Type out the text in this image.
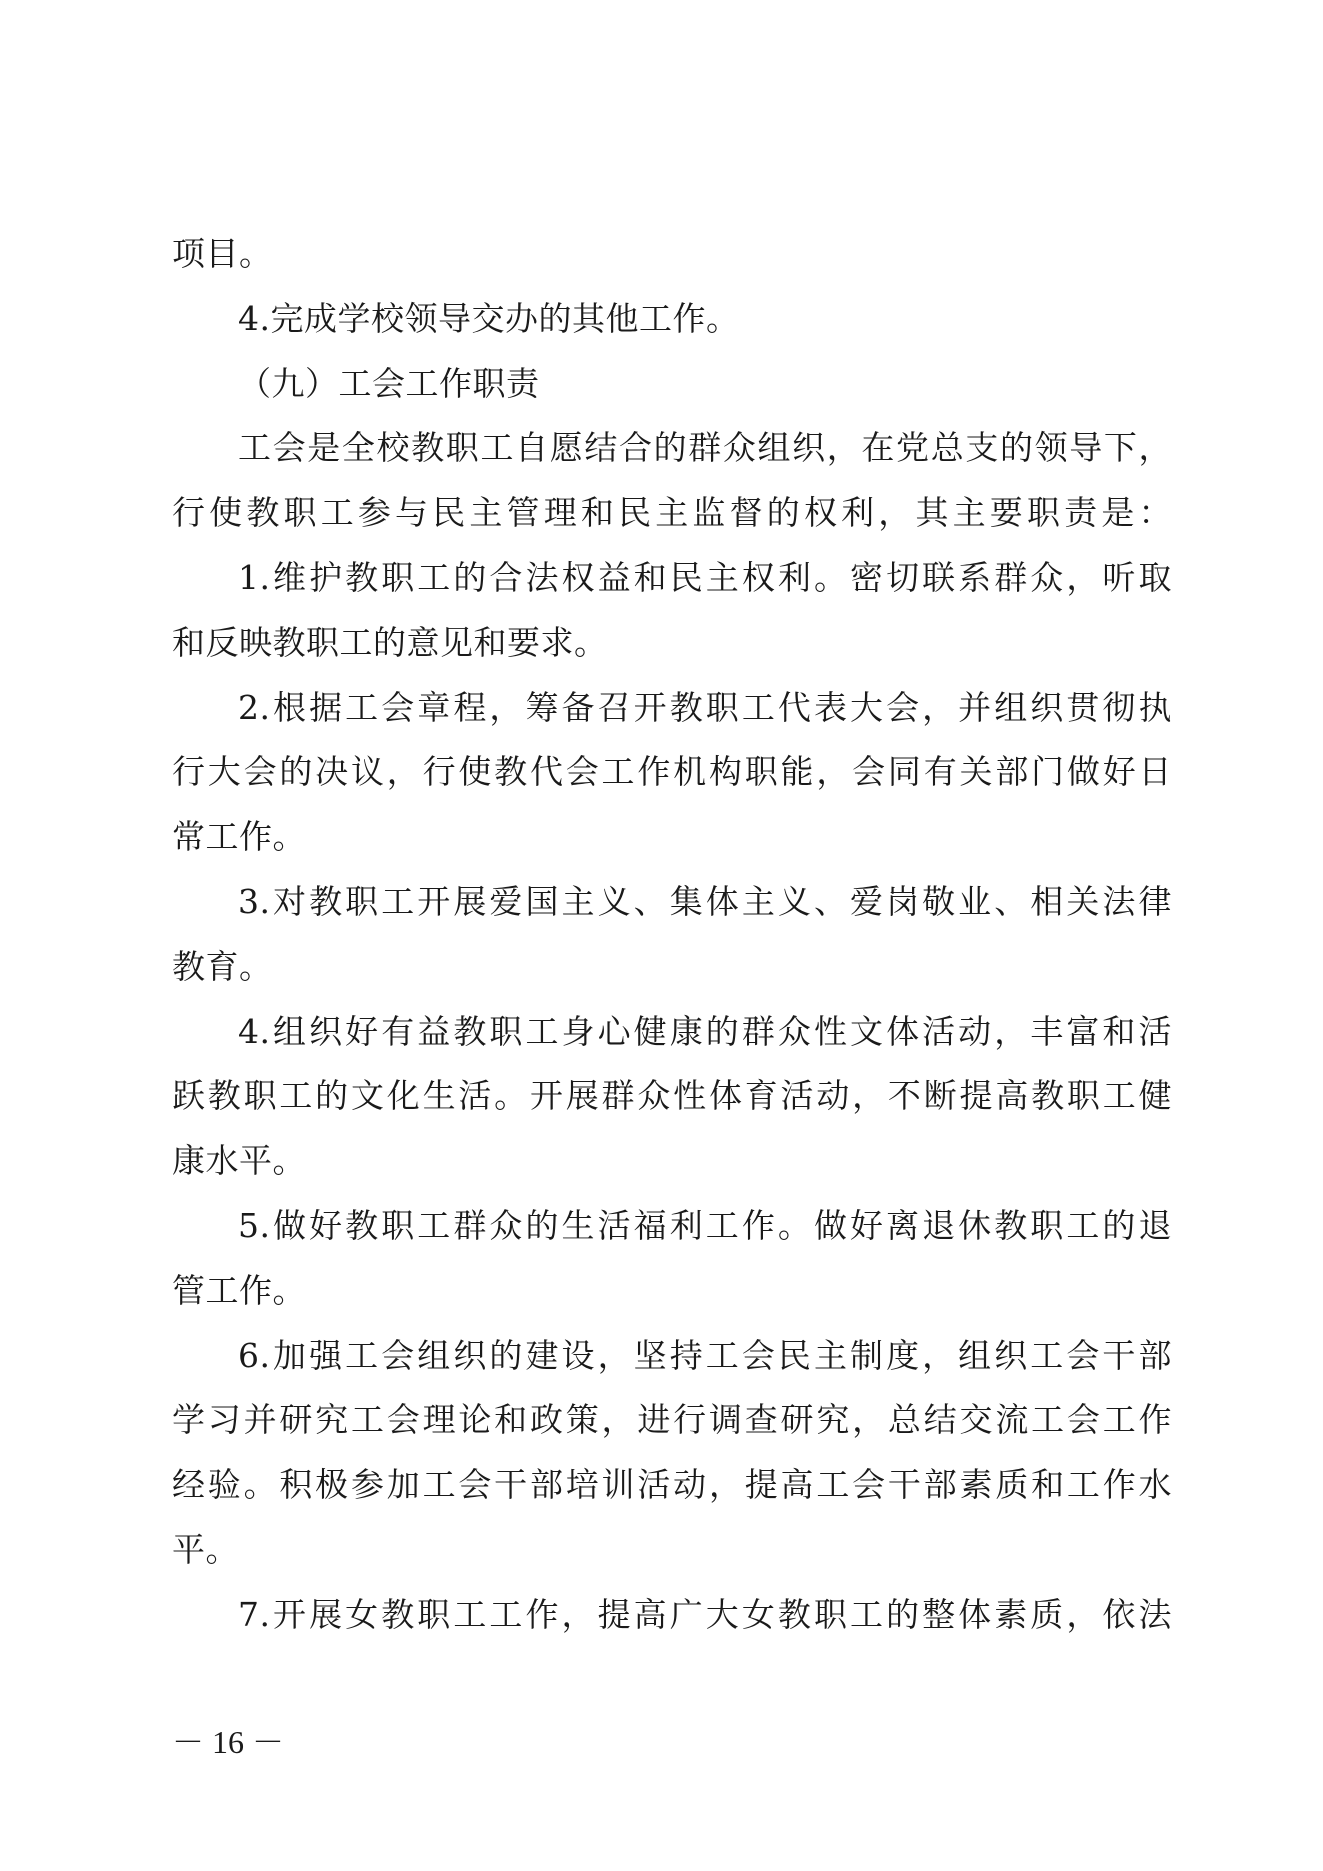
项目。
4.完成学校领导交办的其他工作。
（九）工会工作职责
工会是全校教职工自愿结合的群众组织，在党总支的领导下，
行使教职工参与民主管理和民主监督的权利，其主要职责是：
1.维护教职工的合法权益和民主权利。密切联系群众，听取
和反映教职工的意见和要求。
2.根据工会章程，筹备召开教职工代表大会，并组织贯彻执
行大会的决议，行使教代会工作机构职能，会同有关部门做好日
常工作。
3.对教职工开展爱国主义、集体主义、爱岗敬业、相关法律
教育。
4.组织好有益教职工身心健康的群众性文体活动，丰富和活
跃教职工的文化生活。开展群众性体育活动，不断提高教职工健
康水平。
5.做好教职工群众的生活福利工作。做好离退休教职工的退
管工作。
6.加强工会组织的建设，坚持工会民主制度，组织工会干部
学习并研究工会理论和政策，进行调查研究，总结交流工会工作
经验。积极参加工会干部培训活动，提高工会干部素质和工作水
平。
7.开展女教职工工作，提高广大女教职工的整体素质，依法
－ 16 －
